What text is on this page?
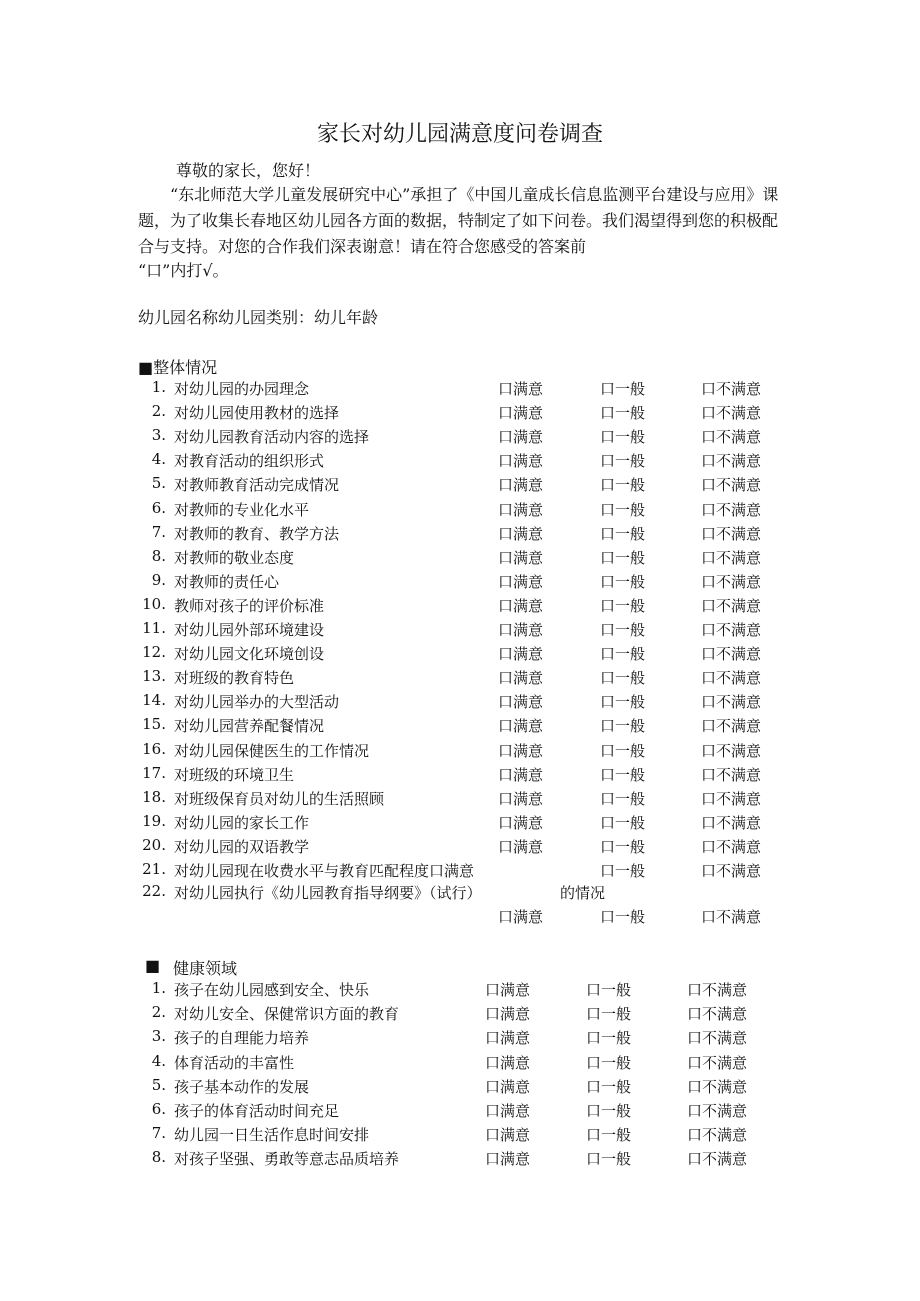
家长对幼儿园满意度问卷调查
尊敬的家长，您好！
“东北师范大学儿童发展研究中心”承担了《中国儿童成长信息监测平台建设与应用》课题，为了收集长春地区幼儿园各方面的数据，特制定了如下问卷。我们渴望得到您的积极配合与支持。对您的合作我们深表谢意！请在符合您感受的答案前
“口”内打√。
幼儿园名称幼儿园类别：幼儿年龄
■整体情况
1. 对幼儿园的办园理念	口满意	口一般	口不满意
2. 对幼儿园使用教材的选择	口满意	口一般	口不满意
3. 对幼儿园教育活动内容的选择	口满意	口一般	口不满意
4. 对教育活动的组织形式	口满意	口一般	口不满意
5. 对教师教育活动完成情况	口满意	口一般	口不满意
6. 对教师的专业化水平	口满意	口一般	口不满意
7. 对教师的教育、教学方法	口满意	口一般	口不满意
8. 对教师的敬业态度	口满意	口一般	口不满意
9. 对教师的责任心	口满意	口一般	口不满意
10. 教师对孩子的评价标准	口满意	口一般	口不满意
11. 对幼儿园外部环境建设	口满意	口一般	口不满意
12. 对幼儿园文化环境创设	口满意	口一般	口不满意
13. 对班级的教育特色	口满意	口一般	口不满意
14. 对幼儿园举办的大型活动	口满意	口一般	口不满意
15. 对幼儿园营养配餐情况	口满意	口一般	口不满意
16. 对幼儿园保健医生的工作情况	口满意	口一般	口不满意
17. 对班级的环境卫生	口满意	口一般	口不满意
18. 对班级保育员对幼儿的生活照顾	口满意	口一般	口不满意
19. 对幼儿园的家长工作	口满意	口一般	口不满意
20. 对幼儿园的双语教学	口满意	口一般	口不满意
21. 对幼儿园现在收费水平与教育匹配程度口满意	口一般	口不满意
22. 对幼儿园执行《幼儿园教育指导纲要》（试行）	的情况
口满意	口一般	口不满意
■ 健康领域
1. 孩子在幼儿园感到安全、快乐	口满意	口一般	口不满意
2. 对幼儿安全、保健常识方面的教育	口满意	口一般	口不满意
3. 孩子的自理能力培养	口满意	口一般	口不满意
4. 体育活动的丰富性	口满意	口一般	口不满意
5. 孩子基本动作的发展	口满意	口一般	口不满意
6. 孩子的体育活动时间充足	口满意	口一般	口不满意
7. 幼儿园一日生活作息时间安排	口满意	口一般	口不满意
8. 对孩子坚强、勇敢等意志品质培养	口满意	口一般	口不满意
